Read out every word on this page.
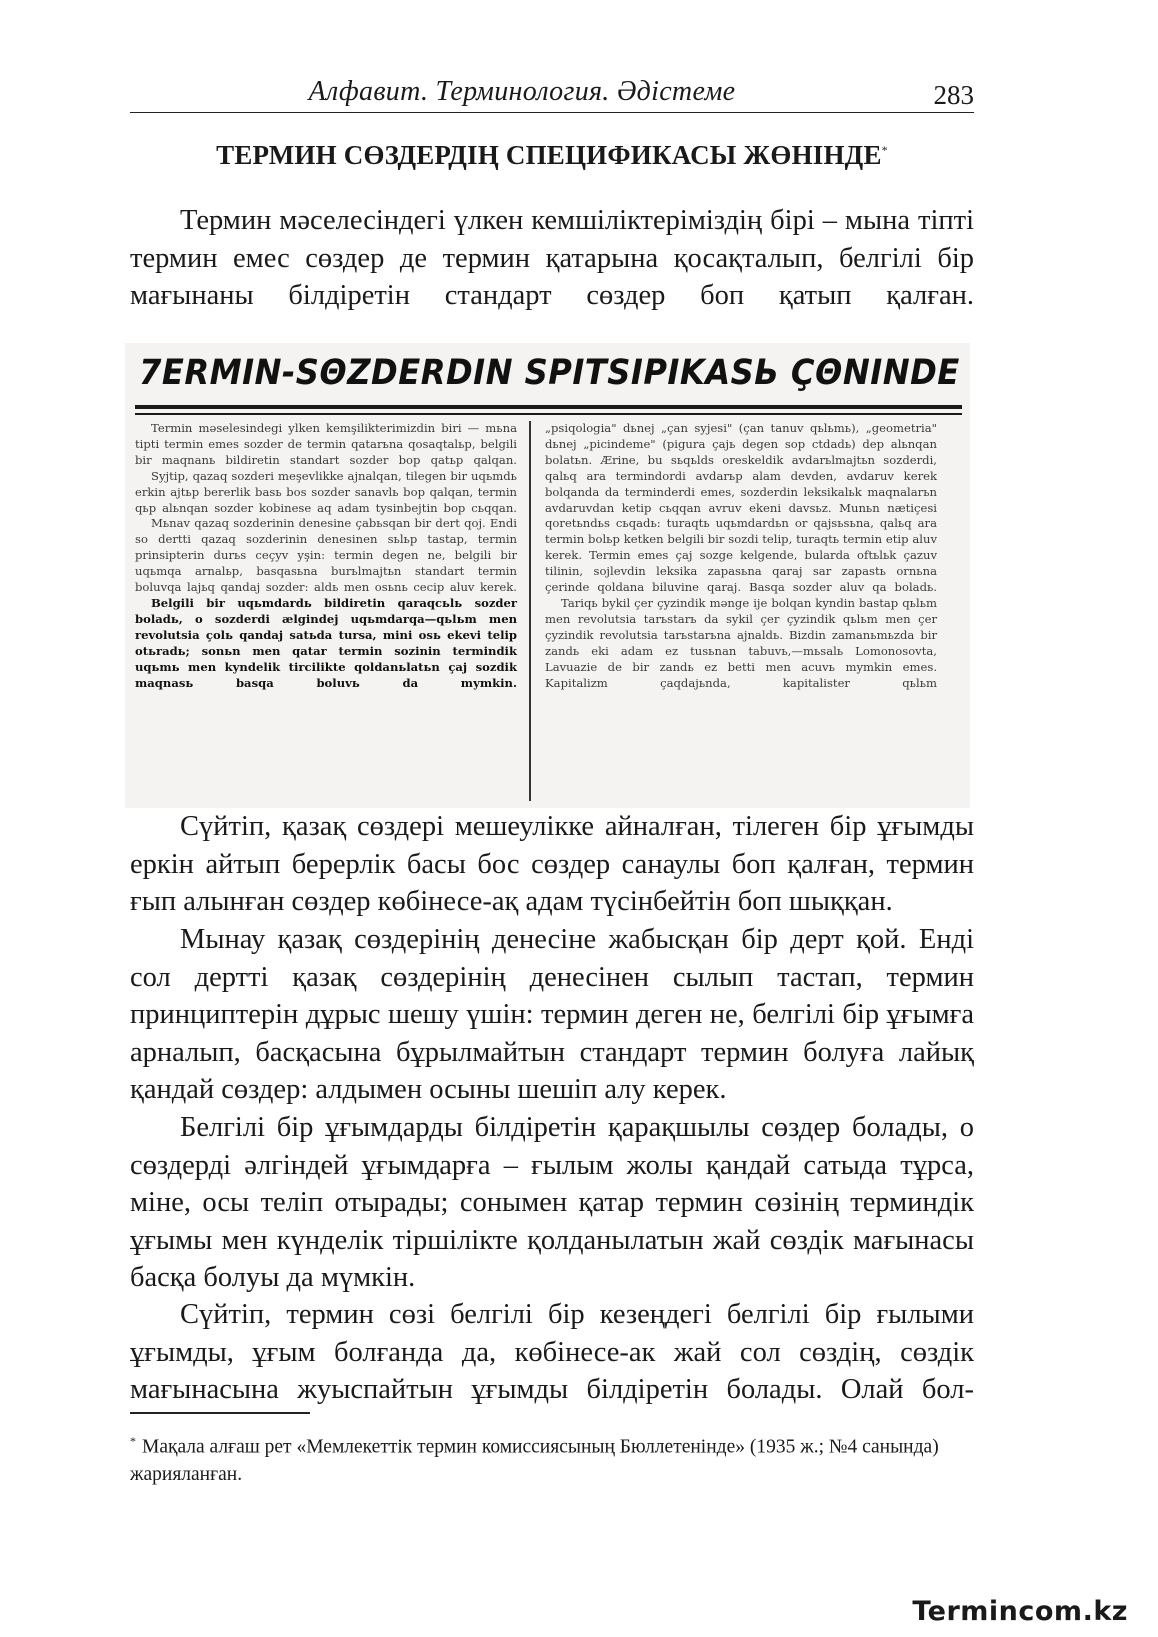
Алфавит. Терминология. Әдістеме	283
ТЕРМИН СӨЗДЕРДІҢ СПЕЦИФИКАСЫ ЖӨНІНДЕ*

Термин мәселесіндегі үлкен кемшіліктеріміздің бірі – мына тіпті термин емес сөздер де термин қатарына қосақталып, белгілі бір мағынаны білдіретін стандарт сөздер боп қатып қалған.

7ERMIN-SΘZDERDIN SPITSIPIKASЬ ÇΘNINDE

Termin məselesindegi ylken kemşilikterimizdin biri — mьna tipti termin emes sozder de termin qatarьna qosaqtalьp, belgili bir maqnanь bildiretin standart sozder bop qatьp qalqan.

Syjtip, qazaq sozderi meşevlikke ajnalqan, tilegen bir uqьmdь erkin ajtьp bererlik basь bos sozder sanavlь bop qalqan, termin qьp alьnqan sozder kobinese aq adam tysinbejtin bop cьqqan.

Mьnav qazaq sozderinin denesine çabьsqan bir dert qoj. Endi so dertti qazaq sozderinin denesinen sьlьp tastap, termin prinsipterin durьs ceçyv yşin: termin degen ne, belgili bir uqьmqa arnalьp, basqasьna burьlmajtьn standart termin boluvqa lajьq qandaj sozder: aldь men osьnь cecip aluv kerek.

Belgili bir uqьmdardь bildiretin qaraqcьlь sozder boladь, o sozderdi ælgindej uqьmdarqa—qьlьm men revolutsia çolь qandaj satьda tursa, mini osь ekevi telip otьradь; sonьn men qatar termin sozinin termindik uqьmь men kyndelik tircilikte qoldanьlatьn çaj sozdik maqnasь basqa boluvь da mymkin.

„psiqologia" dьnej „çan syjesi" (çan tanuv qьlьmь), „geometria" dьnej „picindeme" (pigura çajь degen sop ctdadь) dep alьnqan bolatьn. Ærine, bu sьqьlds oreskeldik avdarьlmajtьn sozderdi, qalьq ara termindordi avdarьp alam devden, avdaruv kerek bolqanda da terminderdi emes, sozderdin leksikalьk maqnalarьn avdaruvdan ketip cьqqan avruv ekeni davsьz. Munьn nætiçesi qoretьndьs cьqadь: turaqtь uqьmdardьn or qajsьsьna, qalьq ara termin bolьp ketken belgili bir sozdi telip, turaqtь termin etip aluv kerek. Termin emes çaj sozge kelgende, bularda oftьlьk çazuv tilinin, sojlevdin leksika zapasьna qaraj sar zapastь ornьna çerinde qoldana biluvine qaraj. Basqa sozder aluv qa boladь.

Tariqь bykil çer çyzindik mənge ije bolqan kyndin bastap qьlьm men revolutsia tarьstarь da sykil çer çyzindik qьlьm men çer çyzindik revolutsia tarьstarьna ajnaldь. Bizdin zamanьmьzda bir zandь eki adam ez tusьnan tabuvь,—mьsalь Lomonosovta, Lavuazie de bir zandь ez betti men acuvь mymkin emes. Kapitalizm çaqdajьnda, kapitalister qьlьm

Сүйтіп, қазақ сөздері мешеулікке айналған, тілеген бір ұғымды еркін айтып берерлік басы бос сөздер санаулы боп қалған, термин ғып алынған сөздер көбінесе-ақ адам түсінбейтін боп шыққан.

Мынау қазақ сөздерінің денесіне жабысқан бір дерт қой. Енді сол дертті қазақ сөздерінің денесінен сылып тастап, термин принциптерін дұрыс шешу үшін: термин деген не, белгілі бір ұғымға арналып, басқасына бұрылмайтын стандарт термин болуға лайық қандай сөздер: алдымен осыны шешіп алу керек.

Белгілі бір ұғымдарды білдіретін қарақшылы сөздер болады, о сөздерді әлгіндей ұғымдарға – ғылым жолы қандай сатыда тұрса, міне, осы теліп отырады; сонымен қатар термин сөзінің терминдік ұғымы мен күнделік тіршілікте қолданылатын жай сөздік мағынасы басқа болуы да мүмкін.

Сүйтіп, термин сөзі белгілі бір кезеңдегі белгілі бір ғылыми ұғымды, ұғым болғанда да, көбінесе-ак жай сол сөздің, сөздік мағынасына жуыспайтын ұғымды білдіретін болады. Олай бол-

* Мақала алғаш рет «Мемлекеттік термин комиссиясының Бюллетенінде» (1935 ж.; №4 санында) жарияланған.

Termincom.kz
